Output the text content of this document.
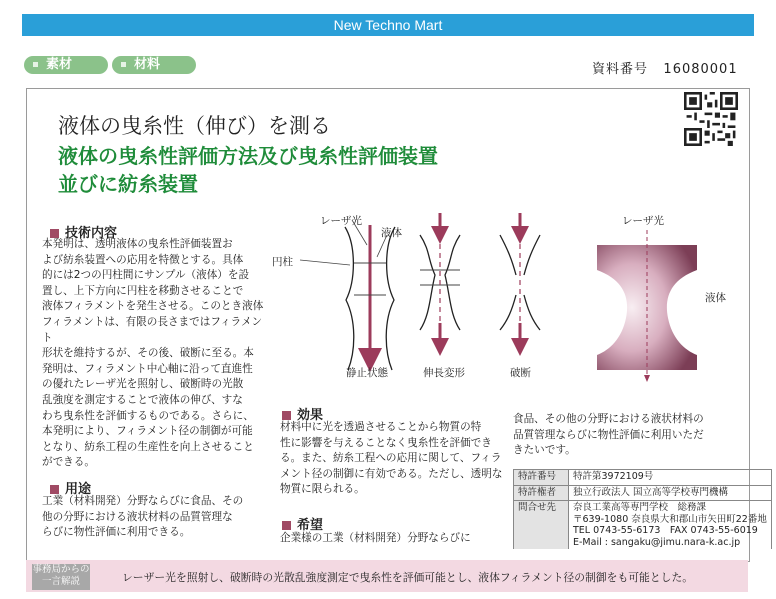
New Techno Mart
素材	材料	資料番号 16080001
液体の曳糸性（伸び）を測る
液体の曳糸性評価方法及び曳糸性評価装置
並びに紡糸装置
技術内容
本発明は、透明液体の曳糸性評価装置お
よび紡糸装置への応用を特徴とする。具体
的には2つの円柱間にサンプル（液体）を設
置し、上下方向に円柱を移動させることで
液体フィラメントを発生させる。このとき液体
フィラメントは、有限の長さまではフィラメント
形状を維持するが、その後、破断に至る。本
発明は、フィラメント中心軸に沿って直進性
の優れたレーザ光を照射し、破断時の光散
乱強度を測定することで液体の伸び、すな
わち曳糸性を評価するものである。さらに、
本発明により、フィラメント径の制御が可能
となり、紡糸工程の生産性を向上させること
ができる。
用途
工業（材料開発）分野ならびに食品、その
他の分野における液状材料の品質管理な
らびに物性評価に利用できる。
レーザ光
液体
円柱
静止状態	伸長変形	破断
レーザ光
液体
効果
材料中に光を透過させることから物質の特
性に影響を与えることなく曳糸性を評価でき
る。また、紡糸工程への応用に関して、フィラ
メント径の制御に有効である。ただし、透明な
物質に限られる。
希望
企業様の工業（材料開発）分野ならびに
食品、その他の分野における液状材料の
品質管理ならびに物性評価に利用いただ
きたいです。
特許番号	特許第3972109号
特許権者	独立行政法人 国立高等学校専門機構
問合せ先	奈良工業高等専門学校　総務課
〒639-1080 奈良県大和郡山市矢田町22番地
TEL 0743-55-6173　FAX 0743-55-6019
E-Mail : sangaku@jimu.nara-k.ac.jp
事務局からの
一言解説	レーザー光を照射し、破断時の光散乱強度測定で曳糸性を評価可能とし、液体フィラメント径の制御をも可能とした。
